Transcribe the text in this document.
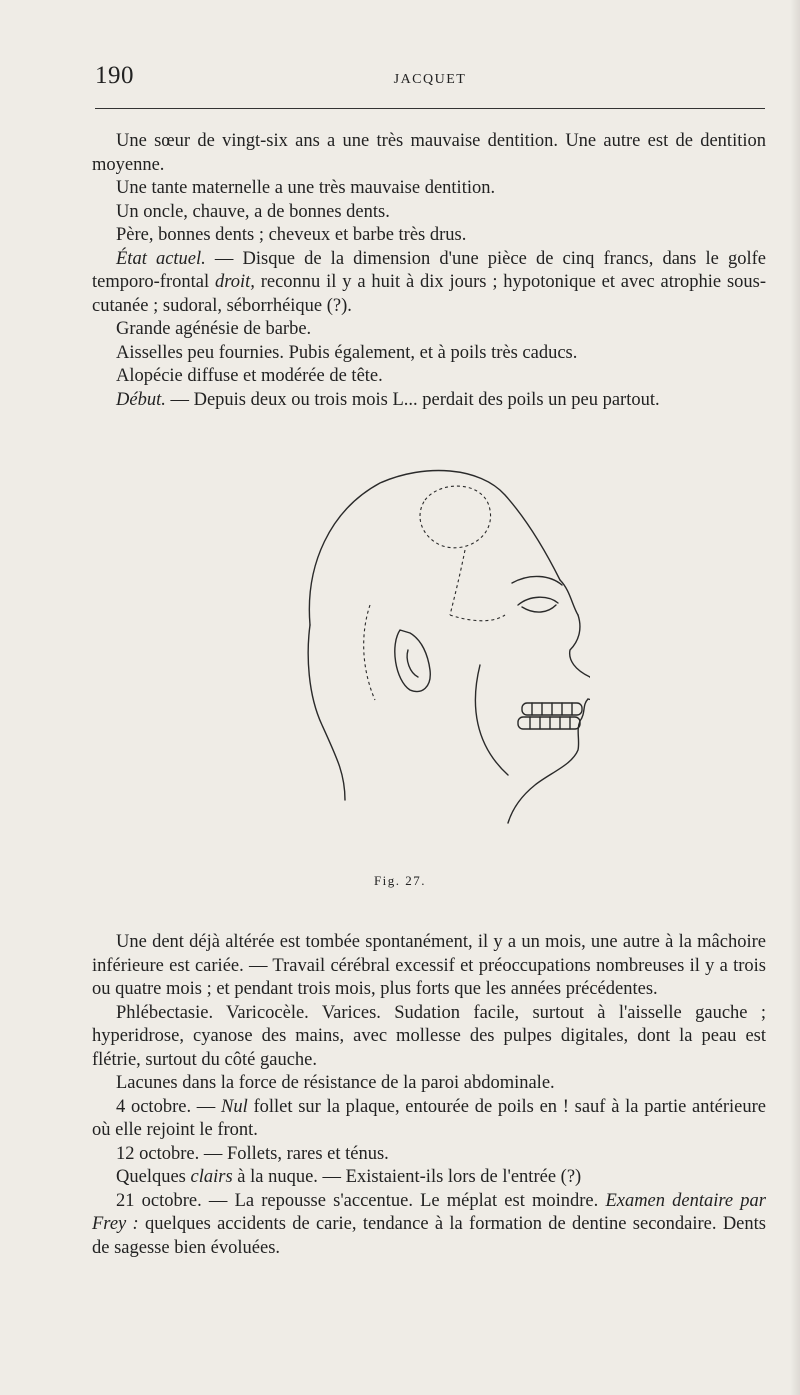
190	JACQUET

Une sœur de vingt-six ans a une très mauvaise dentition. Une autre est de dentition moyenne.

Une tante maternelle a une très mauvaise dentition.

Un oncle, chauve, a de bonnes dents.

Père, bonnes dents ; cheveux et barbe très drus.

État actuel. — Disque de la dimension d'une pièce de cinq francs, dans le golfe temporo-frontal droit, reconnu il y a huit à dix jours ; hypotonique et avec atrophie sous-cutanée ; sudoral, séborrhéique (?).

Grande agénésie de barbe.

Aisselles peu fournies. Pubis également, et à poils très caducs.

Alopécie diffuse et modérée de tête.

Début. — Depuis deux ou trois mois L... perdait des poils un peu partout.

Fig. 27.

Une dent déjà altérée est tombée spontanément, il y a un mois, une autre à la mâchoire inférieure est cariée. — Travail cérébral excessif et préoccupations nombreuses il y a trois ou quatre mois ; et pendant trois mois, plus forts que les années précédentes.

Phlébectasie. Varicocèle. Varices. Sudation facile, surtout à l'aisselle gauche ; hyperidrose, cyanose des mains, avec mollesse des pulpes digitales, dont la peau est flétrie, surtout du côté gauche.

Lacunes dans la force de résistance de la paroi abdominale.

4 octobre. — Nul follet sur la plaque, entourée de poils en ! sauf à la partie antérieure où elle rejoint le front.

12 octobre. — Follets, rares et ténus.

Quelques clairs à la nuque. — Existaient-ils lors de l'entrée (?)

21 octobre. — La repousse s'accentue. Le méplat est moindre. Examen dentaire par Frey : quelques accidents de carie, tendance à la formation de dentine secondaire. Dents de sagesse bien évoluées.
